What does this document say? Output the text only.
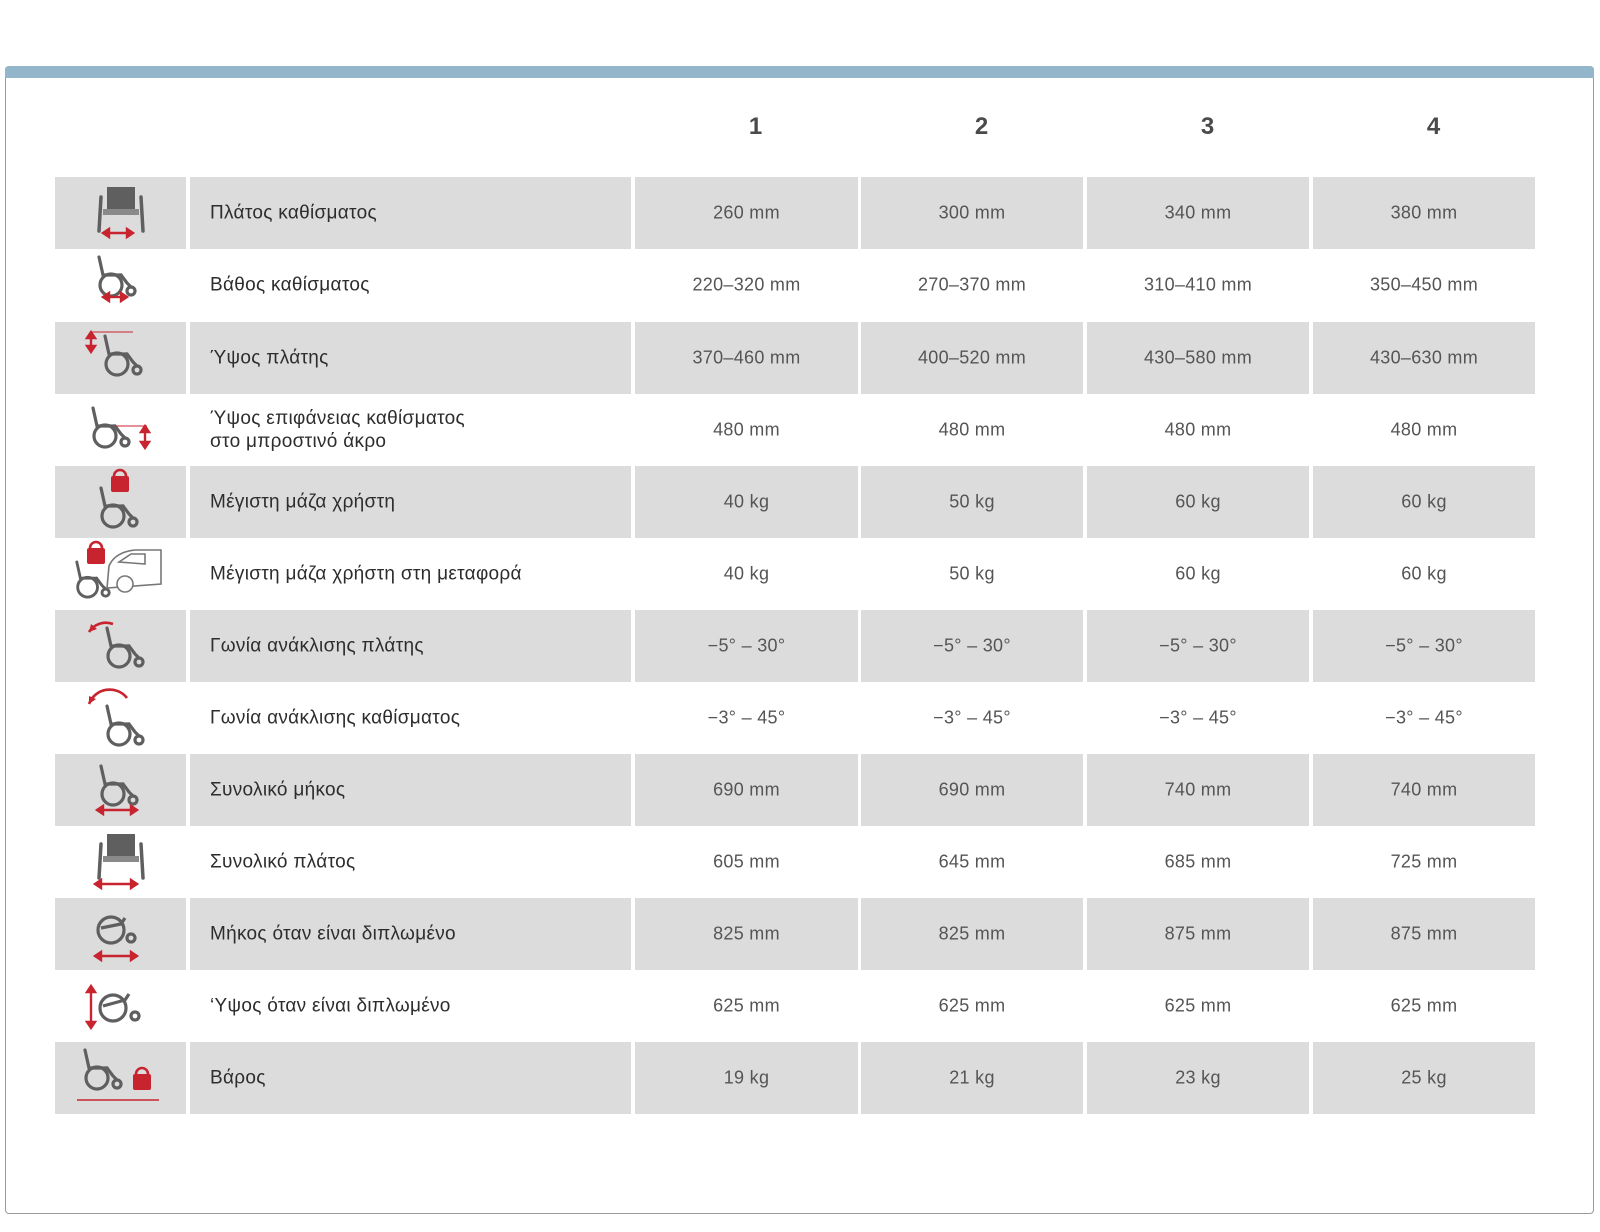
1	2	3	4
Πλάτος καθίσματος	260 mm	300 mm	340 mm	380 mm
Βάθος καθίσματος	220–320 mm	270–370 mm	310–410 mm	350–450 mm
Ύψος πλάτης	370–460 mm	400–520 mm	430–580 mm	430–630 mm
Ύψος επιφάνειας καθίσματος
στο μπροστινό άκρο
480 mm	480 mm	480 mm	480 mm
Μέγιστη μάζα χρήστη	40 kg	50 kg	60 kg	60 kg
Μέγιστη μάζα χρήστη στη μεταφορά	40 kg	50 kg	60 kg	60 kg
Γωνία ανάκλισης πλάτης	−5° – 30°	−5° – 30°	−5° – 30°	−5° – 30°
Γωνία ανάκλισης καθίσματος	−3° – 45°	−3° – 45°	−3° – 45°	−3° – 45°
Συνολικό μήκος	690 mm	690 mm	740 mm	740 mm
Συνολικό πλάτος	605 mm	645 mm	685 mm	725 mm
Μήκος όταν είναι διπλωμένο	825 mm	825 mm	875 mm	875 mm
‘Υψος όταν είναι διπλωμένο	625 mm	625 mm	625 mm	625 mm
Βάρος	19 kg	21 kg	23 kg	25 kg
